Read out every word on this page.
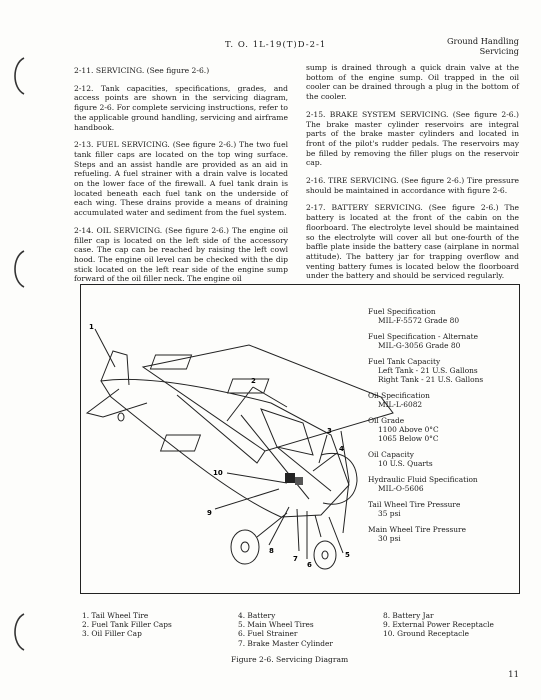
T. O. 1L-19(T)D-2-1	Ground Handling
Servicing

2-11. SERVICING. (See figure 2-6.)

2-12. Tank capacities, specifications, grades, and access points are shown in the servicing diagram, figure 2-6. For complete servicing instructions, refer to the applicable ground handling, servicing and airframe handbook.

2-13. FUEL SERVICING. (See figure 2-6.) The two fuel tank filler caps are located on the top wing surface. Steps and an assist handle are provided as an aid in refueling. A fuel strainer with a drain valve is located on the lower face of the firewall. A fuel tank drain is located beneath each fuel tank on the underside of each wing. These drains provide a means of draining accumulated water and sediment from the fuel system.

2-14. OIL SERVICING. (See figure 2-6.) The engine oil filler cap is located on the left side of the accessory case. The cap can be reached by raising the left cowl hood. The engine oil level can be checked with the dip stick located on the left rear side of the engine sump forward of the oil filler neck. The engine oil

sump is drained through a quick drain valve at the bottom of the engine sump. Oil trapped in the oil cooler can be drained through a plug in the bottom of the cooler.

2-15. BRAKE SYSTEM SERVICING. (See figure 2-6.) The brake master cylinder reservoirs are integral parts of the brake master cylinders and located in front of the pilot's rudder pedals. The reservoirs may be filled by removing the filler plugs on the reservoir cap.

2-16. TIRE SERVICING. (See figure 2-6.) Tire pressure should be maintained in accordance with figure 2-6.

2-17. BATTERY SERVICING. (See figure 2-6.) The battery is located at the front of the cabin on the floorboard. The electrolyte level should be maintained so the electrolyte will cover all but one-fourth of the baffle plate inside the battery case (airplane in normal attitude). The battery jar for trapping overflow and venting battery fumes is located below the floorboard under the battery and should be serviced regularly.

1
2
3
4
5
6
7
8
9
10
Fuel Specification
MIL-F-5572 Grade 80
Fuel Specification - Alternate
MIL-G-3056 Grade 80
Fuel Tank Capacity
Left Tank - 21 U.S. Gallons
Right Tank - 21 U.S. Gallons
Oil Specification
MIL-L-6082
Oil Grade
1100 Above 0°C
1065 Below 0°C
Oil Capacity
10 U.S. Quarts
Hydraulic Fluid Specification
MIL-O-5606
Tail Wheel Tire Pressure
35 psi
Main Wheel Tire Pressure
30 psi
1. Tail Wheel Tire
2. Fuel Tank Filler Caps
3. Oil Filler Cap
4. Battery
5. Main Wheel Tires
6. Fuel Strainer
7. Brake Master Cylinder
8. Battery Jar
9. External Power Receptacle
10. Ground Receptacle
Figure 2-6. Servicing Diagram
11
